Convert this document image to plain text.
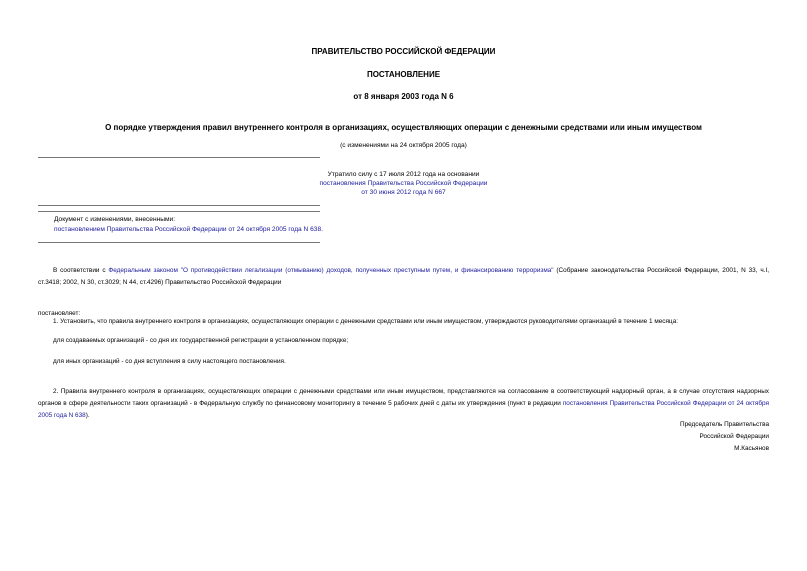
ПРАВИТЕЛЬСТВО РОССИЙСКОЙ ФЕДЕРАЦИИ
ПОСТАНОВЛЕНИЕ
от 8 января 2003 года N 6
О порядке утверждения правил внутреннего контроля в организациях, осуществляющих операции с денежными средствами или иным имуществом
(с изменениями на 24 октября 2005 года)
Утратило силу с 17 июля 2012 года на основании
постановления Правительства Российской Федерации
от 30 июня 2012 года N 667
Документ с изменениями, внесенными:
постановлением Правительства Российской Федерации от 24 октября 2005 года N 638.
В соответствии с Федеральным законом "О противодействии легализации (отмыванию) доходов, полученных преступным путем, и финансированию терроризма" (Собрание законодательства Российской Федерации, 2001, N 33, ч.I, ст.3418; 2002, N 30, ст.3029; N 44, ст.4296) Правительство Российской Федерации
постановляет:
1. Установить, что правила внутреннего контроля в организациях, осуществляющих операции с денежными средствами или иным имуществом, утверждаются руководителями организаций в течение 1 месяца:
для создаваемых организаций - со дня их государственной регистрации в установленном порядке;
для иных организаций - со дня вступления в силу настоящего постановления.
2. Правила внутреннего контроля в организациях, осуществляющих операции с денежными средствами или иным имуществом, представляются на согласование в соответствующий надзорный орган, а в случае отсутствия надзорных органов в сфере деятельности таких организаций - в Федеральную службу по финансовому мониторингу в течение 5 рабочих дней с даты их утверждения (пункт в редакции постановления Правительства Российской Федерации от 24 октября 2005 года N 638).
Председатель Правительства
Российской Федерации
М.Касьянов
